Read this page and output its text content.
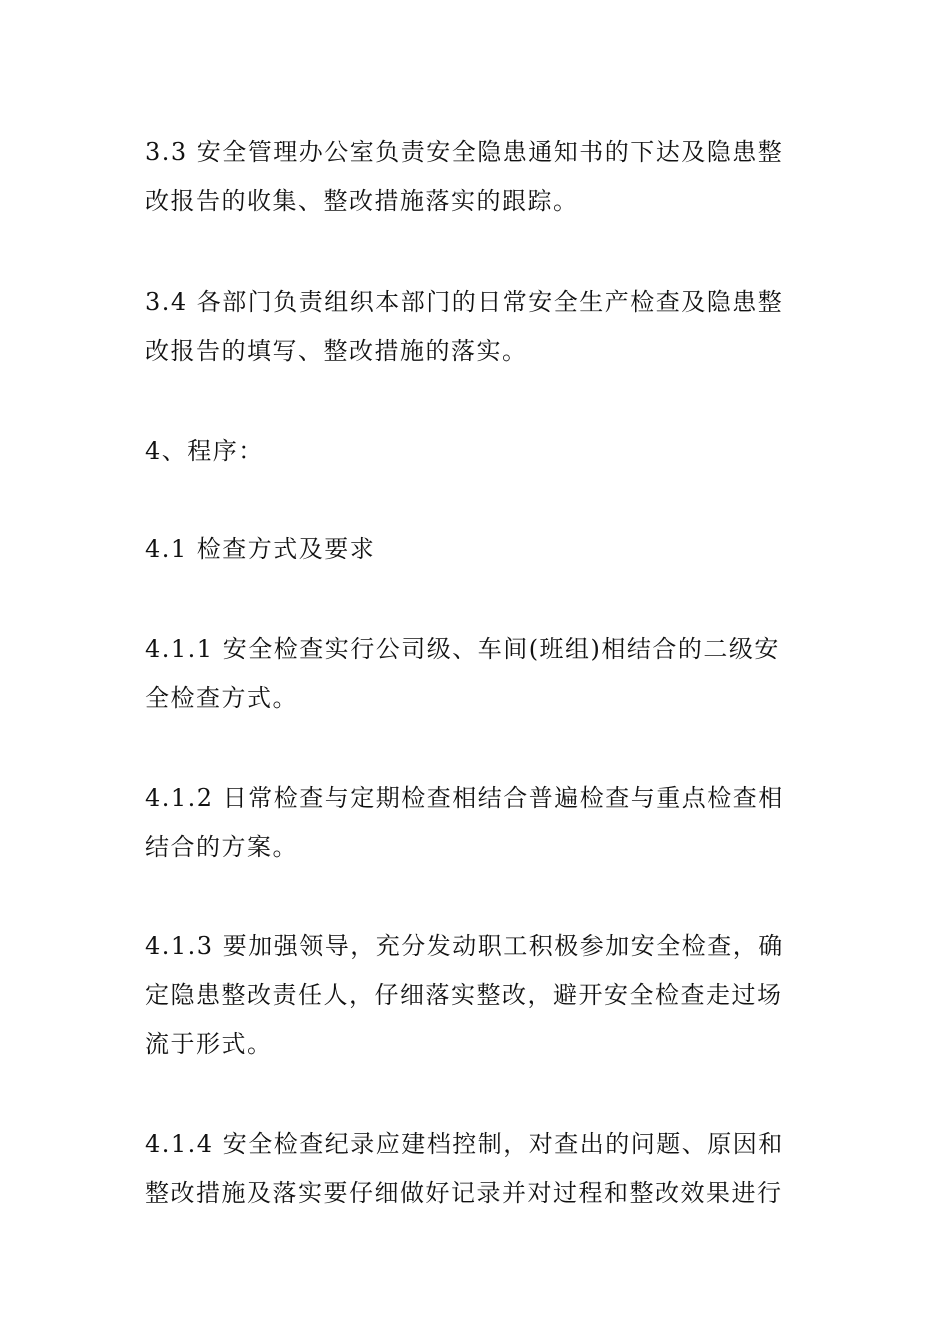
3.3 安全管理办公室负责安全隐患通知书的下达及隐患整
改报告的收集、整改措施落实的跟踪。

3.4 各部门负责组织本部门的日常安全生产检查及隐患整
改报告的填写、整改措施的落实。

4、程序：

4.1 检查方式及要求

4.1.1 安全检查实行公司级、车间(班组)相结合的二级安
全检查方式。

4.1.2 日常检查与定期检查相结合普遍检查与重点检查相
结合的方案。

4.1.3 要加强领导，充分发动职工积极参加安全检查，确
定隐患整改责任人，仔细落实整改，避开安全检查走过场
流于形式。

4.1.4 安全检查纪录应建档控制，对查出的问题、原因和
整改措施及落实要仔细做好记录并对过程和整改效果进行
